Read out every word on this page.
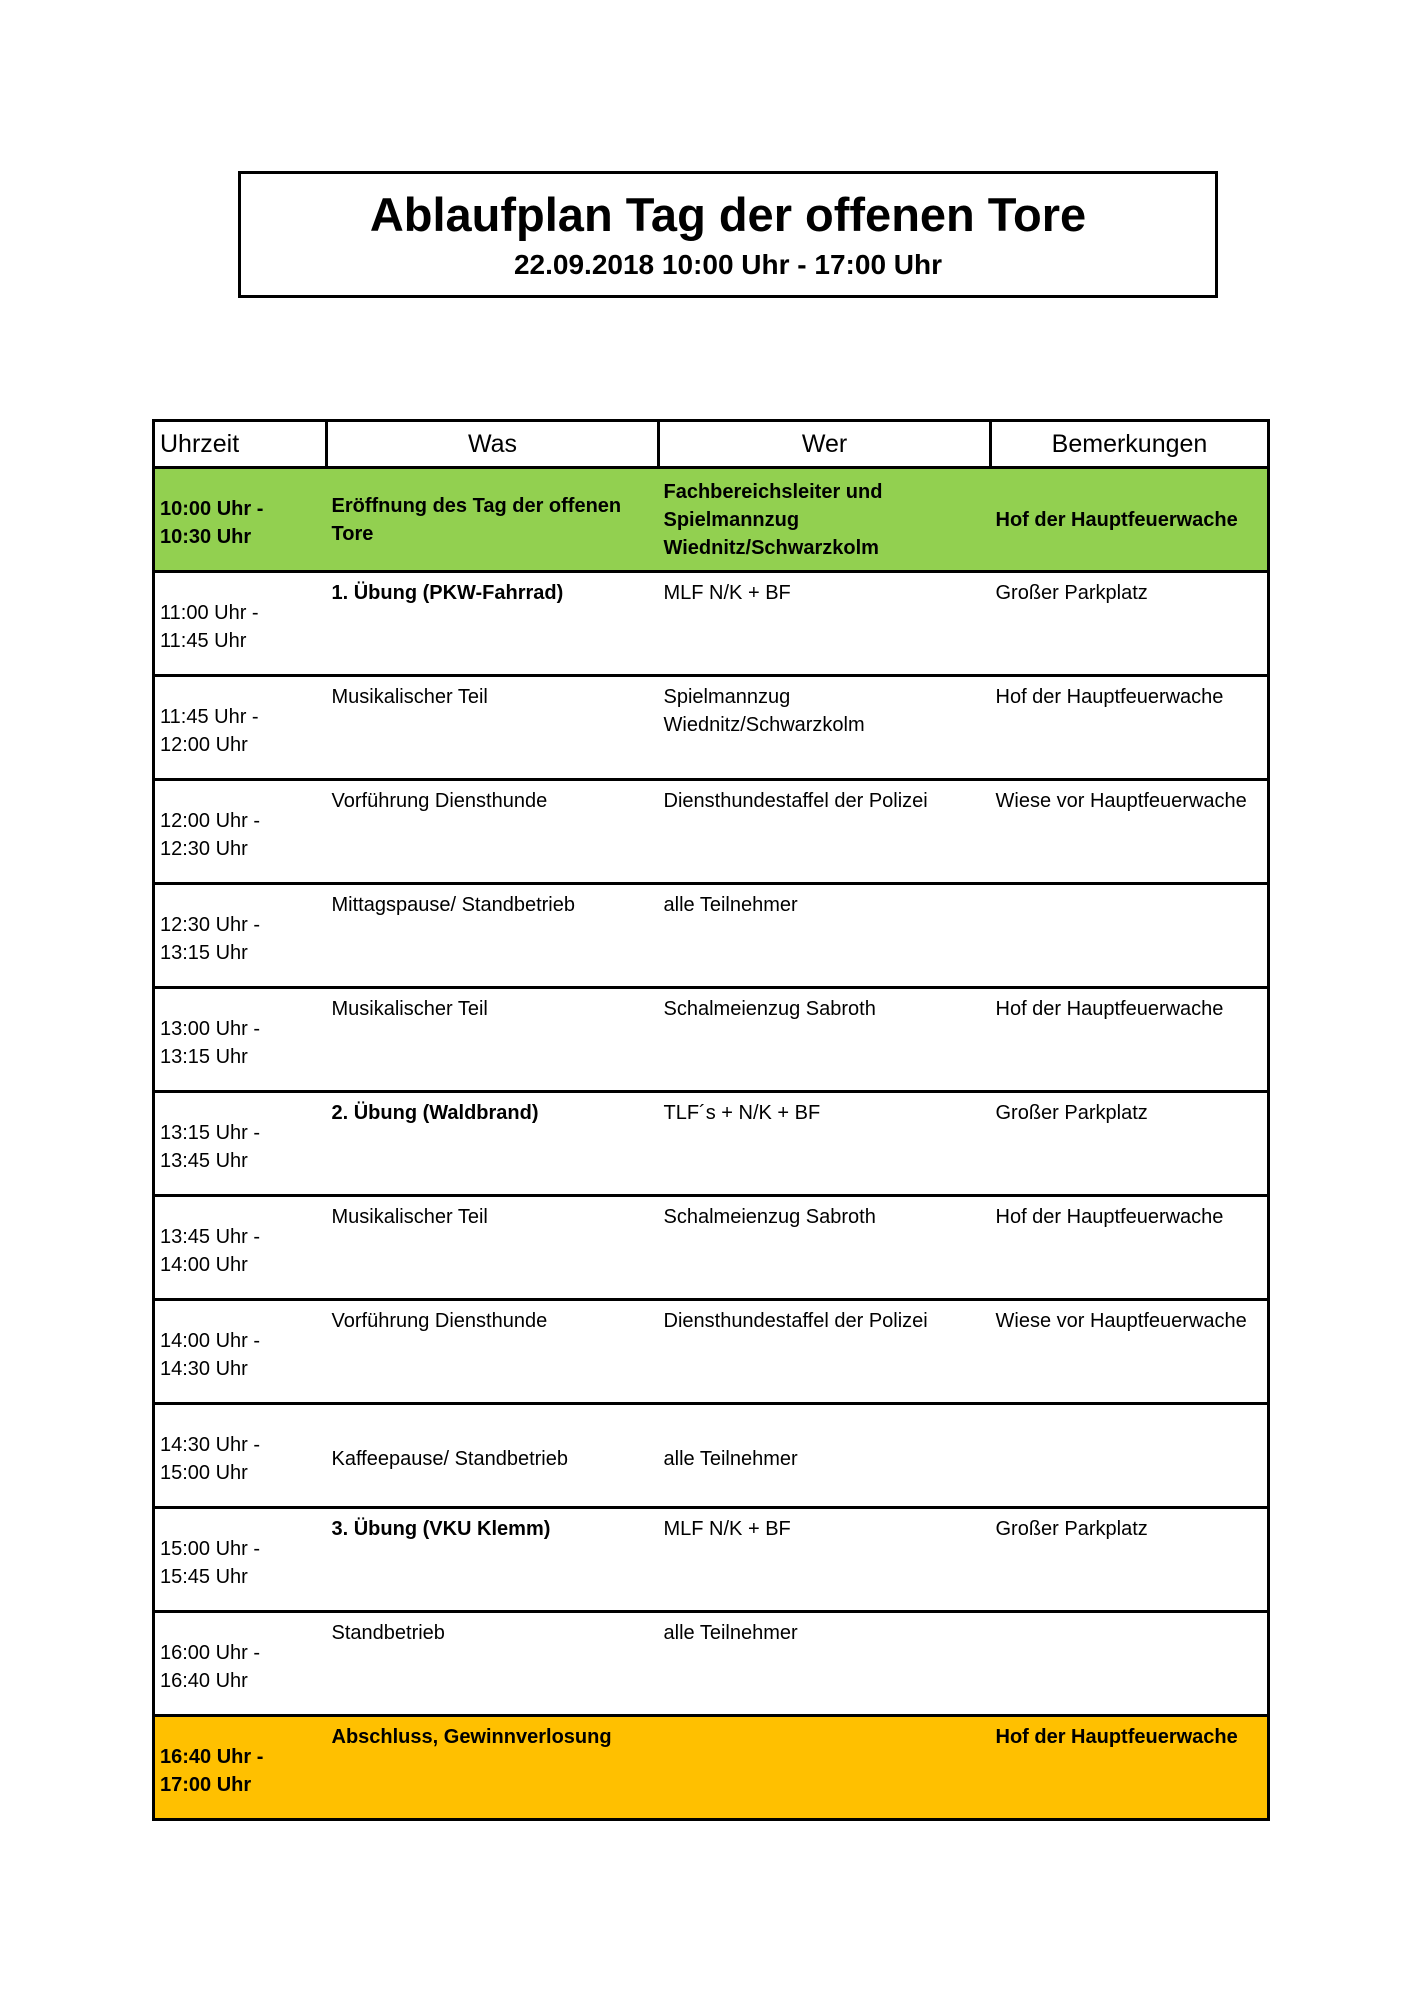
Ablaufplan Tag der offenen Tore
22.09.2018 10:00 Uhr - 17:00 Uhr
Uhrzeit	Was	Wer	Bemerkungen
10:00 Uhr -
10:30 Uhr	Eröffnung des Tag der offenen Tore	Fachbereichsleiter und Spielmannzug Wiednitz/Schwarzkolm	Hof der Hauptfeuerwache
11:00 Uhr -
11:45 Uhr	1. Übung (PKW-Fahrrad)	MLF N/K + BF	Großer Parkplatz
11:45 Uhr -
12:00 Uhr	Musikalischer Teil	Spielmannzug Wiednitz/Schwarzkolm	Hof der Hauptfeuerwache
12:00 Uhr -
12:30 Uhr	Vorführung Diensthunde	Diensthundestaffel der Polizei	Wiese vor Hauptfeuerwache
12:30 Uhr -
13:15 Uhr	Mittagspause/ Standbetrieb	alle Teilnehmer	
13:00 Uhr -
13:15 Uhr	Musikalischer Teil	Schalmeienzug Sabroth	Hof der Hauptfeuerwache
13:15 Uhr -
13:45 Uhr	2. Übung (Waldbrand)	TLF´s + N/K + BF	Großer Parkplatz
13:45 Uhr -
14:00 Uhr	Musikalischer Teil	Schalmeienzug Sabroth	Hof der Hauptfeuerwache
14:00 Uhr -
14:30 Uhr	Vorführung Diensthunde	Diensthundestaffel der Polizei	Wiese vor Hauptfeuerwache
14:30 Uhr -
15:00 Uhr	Kaffeepause/ Standbetrieb	alle Teilnehmer	
15:00 Uhr -
15:45 Uhr	3. Übung (VKU Klemm)	MLF N/K + BF	Großer Parkplatz
16:00 Uhr -
16:40 Uhr	Standbetrieb	alle Teilnehmer	
16:40 Uhr -
17:00 Uhr	Abschluss, Gewinnverlosung		Hof der Hauptfeuerwache
